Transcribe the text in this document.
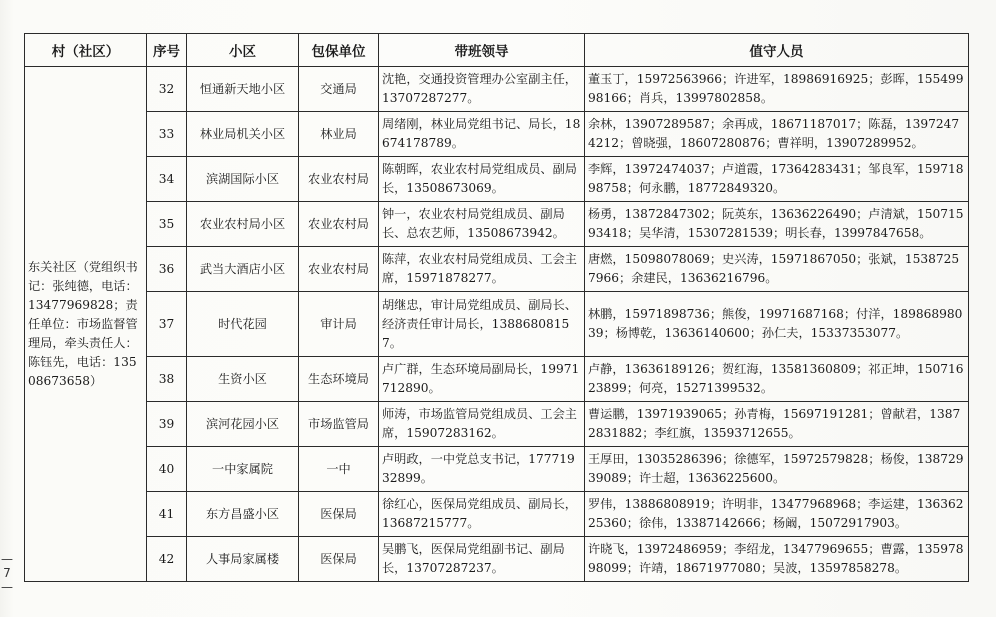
村（社区）	序号	小区	包保单位	带班领导	值守人员
东关社区（党组织书记：张纯德，电话：13477969828；责任单位：市场监督管理局，牵头责任人：陈钰先，电话：13508673658）	32	恒通新天地小区	交通局	沈艳，交通投资管理办公室副主任，13707287277。	董玉丁，15972563966；许进军，18986916925；彭晖，15549998166；肖兵，13997802858。
	33	林业局机关小区	林业局	周绪刚，林业局党组书记、局长，18674178789。	余林，13907289587；余再成，18671187017；陈磊，13972474212；曾晓强，18607280876；曹祥明，13907289952。
	34	滨湖国际小区	农业农村局	陈朝晖，农业农村局党组成员、副局长，13508673069。	李辉，13972474037；卢道霞，17364283431；邹良军，15971898758；何永鹏，18772849320。
	35	农业农村局小区	农业农村局	钟一，农业农村局党组成员、副局长、总农艺师，13508673942。	杨勇，13872847302；阮英东，13636226490；卢清斌，15071593418；吴华清，15307281539；明长春，13997847658。
	36	武当大酒店小区	农业农村局	陈萍，农业农村局党组成员、工会主席，15971878277。	唐燃，15098078069；史兴涛，15971867050；张斌，15387257966；余建民，13636216796。
	37	时代花园	审计局	胡继忠，审计局党组成员、副局长、经济责任审计局长，13886808157。	林鹏，15971898736；熊俊，19971687168；付洋，18986898039；杨博乾，13636140600；孙仁夫，15337353077。
	38	生资小区	生态环境局	卢广群，生态环境局副局长，19971712890。	卢静，13636189126；贺红海，13581360809；祁正坤，15071623899；何亮，15271399532。
	39	滨河花园小区	市场监管局	师涛，市场监管局党组成员、工会主席，15907283162。	曹运鹏，13971939065；孙青梅，15697191281；曾献君，13872831882；李红旗，13593712655。
	40	一中家属院	一中	卢明政，一中党总支书记，17771932899。	王厚田，13035286396；徐德军，15972579828；杨俊，13872939089；许士超，13636225600。
	41	东方昌盛小区	医保局	徐红心，医保局党组成员、副局长，13687215777。	罗伟，13886808919；许明非，13477968968；李运建，13636225360；徐伟，13387142666；杨阚，15072917903。
	42	人事局家属楼	医保局	吴鹏飞，医保局党组副书记、副局长，13707287237。	许晓飞，13972486959；李绍龙，13477969655；曹露，13597898099；许靖，18671977080；吴波，13597858278。
— 7 —
